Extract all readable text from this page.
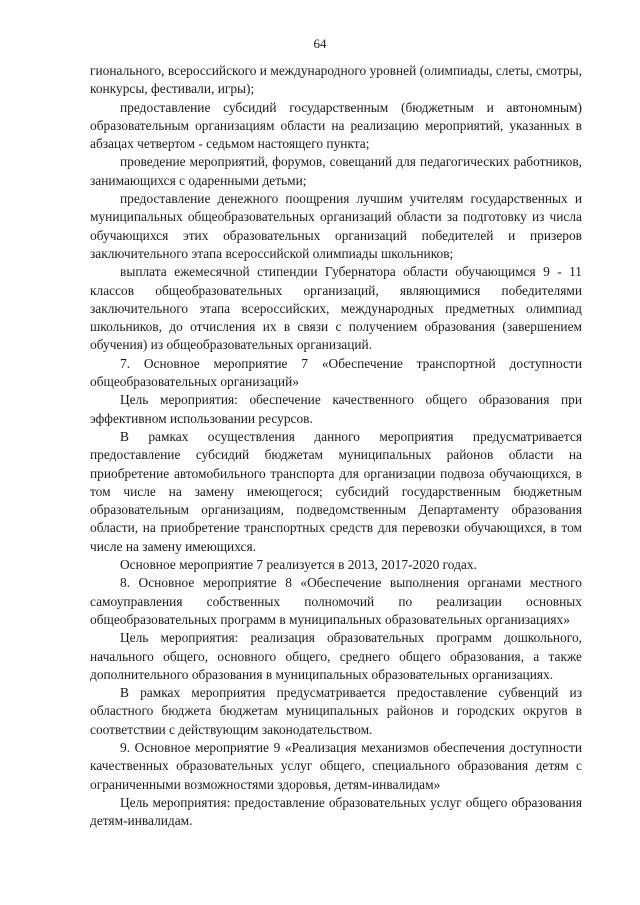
64

гионального, всероссийского и международного уровней (олимпиады, слеты, смотры, конкурсы, фестивали, игры);

предоставление субсидий государственным (бюджетным и автономным) образовательным организациям области на реализацию мероприятий, указанных в абзацах четвертом - седьмом настоящего пункта;

проведение мероприятий, форумов, совещаний для педагогических работников, занимающихся с одаренными детьми;

предоставление денежного поощрения лучшим учителям государственных и муниципальных общеобразовательных организаций области за подготовку из числа обучающихся этих образовательных организаций победителей и призеров заключительного этапа всероссийской олимпиады школьников;

выплата ежемесячной стипендии Губернатора области обучающимся 9 - 11 классов общеобразовательных организаций, являющимися победителями заключительного этапа всероссийских, международных предметных олимпиад школьников, до отчисления их в связи с получением образования (завершением обучения) из общеобразовательных организаций.

7. Основное мероприятие 7 «Обеспечение транспортной доступности общеобразовательных организаций»

Цель мероприятия: обеспечение качественного общего образования при эффективном использовании ресурсов.

В рамках осуществления данного мероприятия предусматривается предоставление субсидий бюджетам муниципальных районов области на приобретение автомобильного транспорта для организации подвоза обучающихся, в том числе на замену имеющегося; субсидий государственным бюджетным образовательным организациям, подведомственным Департаменту образования области, на приобретение транспортных средств для перевозки обучающихся, в том числе на замену имеющихся.

Основное мероприятие 7 реализуется в 2013, 2017-2020 годах.

8. Основное мероприятие 8 «Обеспечение выполнения органами местного самоуправления собственных полномочий по реализации основных общеобразовательных программ в муниципальных образовательных организациях»

Цель мероприятия: реализация образовательных программ дошкольного, начального общего, основного общего, среднего общего образования, а также дополнительного образования в муниципальных образовательных организациях.

В рамках мероприятия предусматривается предоставление субвенций из областного бюджета бюджетам муниципальных районов и городских округов в соответствии с действующим законодательством.

9. Основное мероприятие 9 «Реализация механизмов обеспечения доступности качественных образовательных услуг общего, специального образования детям с ограниченными возможностями здоровья, детям-инвалидам»

Цель мероприятия: предоставление образовательных услуг общего образования детям-инвалидам.
